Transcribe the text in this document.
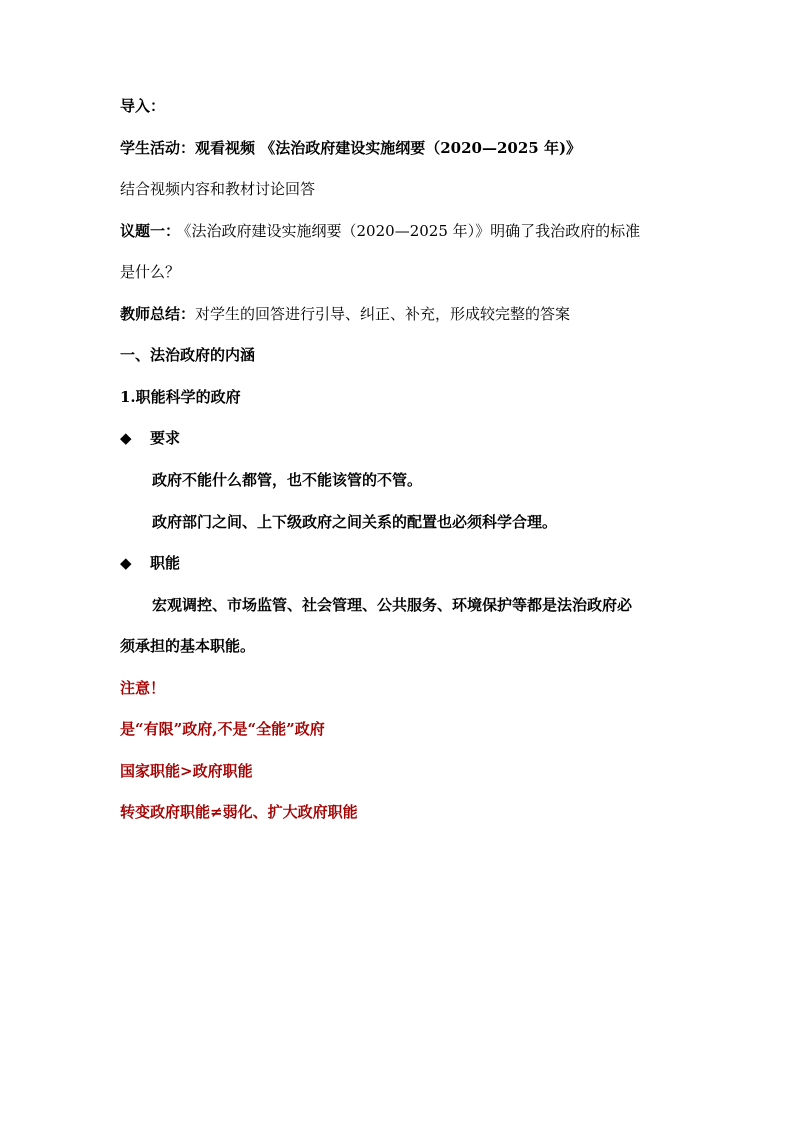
导入：
学生活动：观看视频 《法治政府建设实施纲要（2020—2025 年)》
结合视频内容和教材讨论回答
议题一： 《法治政府建设实施纲要（2020—2025 年）》明确了我治政府的标准
是什么？
教师总结：对学生的回答进行引导、纠正、补充，形成较完整的答案
一、法治政府的内涵
1.职能科学的政府
◆ 要求
政府不能什么都管，也不能该管的不管。
政府部门之间、上下级政府之间关系的配置也必须科学合理。
◆ 职能
宏观调控、市场监管、社会管理、公共服务、环境保护等都是法治政府必
须承担的基本职能。
注意！
是“有限”政府,不是“全能”政府
国家职能>政府职能
转变政府职能≠弱化、扩大政府职能
